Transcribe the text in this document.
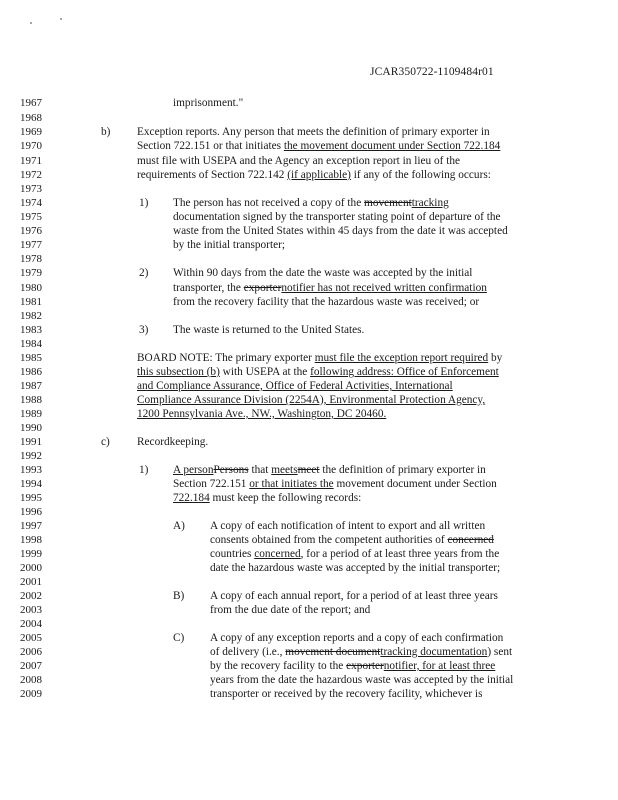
JCAR350722-1109484r01
1967
1968
1969
1970
1971
1972
1973
1974
1975
1976
1977
1978
1979
1980
1981
1982
1983
1984
1985
1986
1987
1988
1989
1990
1991
1992
1993
1994
1995
1996
1997
1998
1999
2000
2001
2002
2003
2004
2005
2006
2007
2008
2009
imprisonment."
b) Exception reports. Any person that meets the definition of primary exporter in
Section 722.151 or that initiates the movement document under Section 722.184
must file with USEPA and the Agency an exception report in lieu of the
requirements of Section 722.142 (if applicable) if any of the following occurs:
1) The person has not received a copy of the movementtracking
documentation signed by the transporter stating point of departure of the
waste from the United States within 45 days from the date it was accepted
by the initial transporter;
2) Within 90 days from the date the waste was accepted by the initial
transporter, the exporternotifier has not received written confirmation
from the recovery facility that the hazardous waste was received; or
3) The waste is returned to the United States.
BOARD NOTE: The primary exporter must file the exception report required by
this subsection (b) with USEPA at the following address: Office of Enforcement
and Compliance Assurance, Office of Federal Activities, International
Compliance Assurance Division (2254A), Environmental Protection Agency,
1200 Pennsylvania Ave., NW., Washington, DC 20460.
c) Recordkeeping.
1) A personPersons that meetsmeet the definition of primary exporter in
Section 722.151 or that initiates the movement document under Section
722.184 must keep the following records:
A) A copy of each notification of intent to export and all written
consents obtained from the competent authorities of concerned
countries concerned, for a period of at least three years from the
date the hazardous waste was accepted by the initial transporter;
B) A copy of each annual report, for a period of at least three years
from the due date of the report; and
C) A copy of any exception reports and a copy of each confirmation
of delivery (i.e., movement documenttracking documentation) sent
by the recovery facility to the exporternotifier, for at least three
years from the date the hazardous waste was accepted by the initial
transporter or received by the recovery facility, whichever is
